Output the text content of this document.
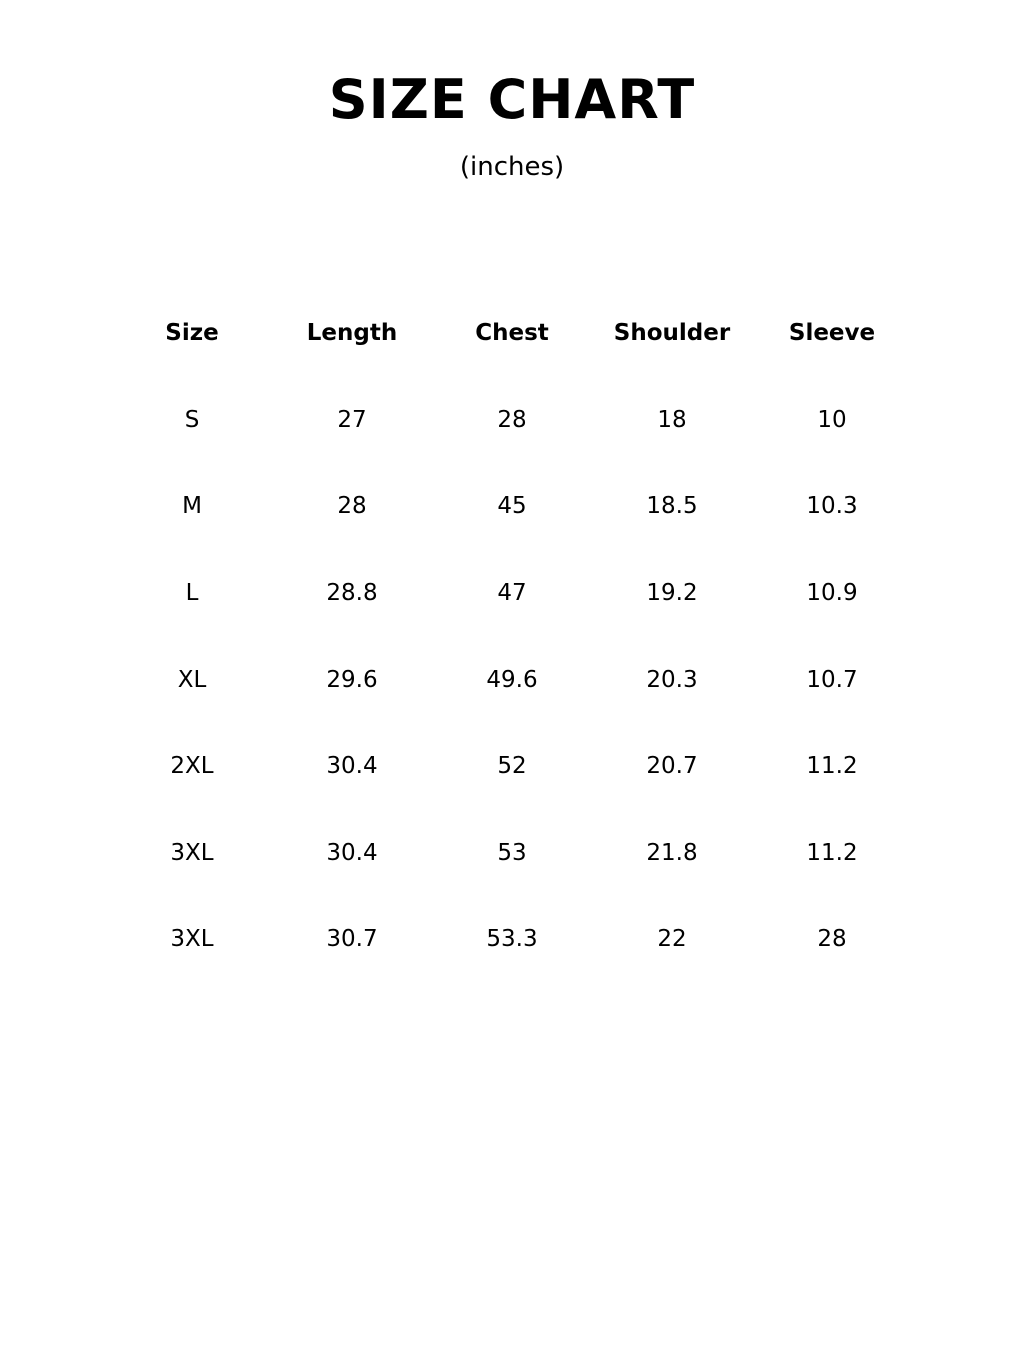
SIZE CHART
(inches)
Size	Length	Chest	Shoulder	Sleeve
S	27	28	18	10
M	28	45	18.5	10.3
L	28.8	47	19.2	10.9
XL	29.6	49.6	20.3	10.7
2XL	30.4	52	20.7	11.2
3XL	30.4	53	21.8	11.2
3XL	30.7	53.3	22	28
